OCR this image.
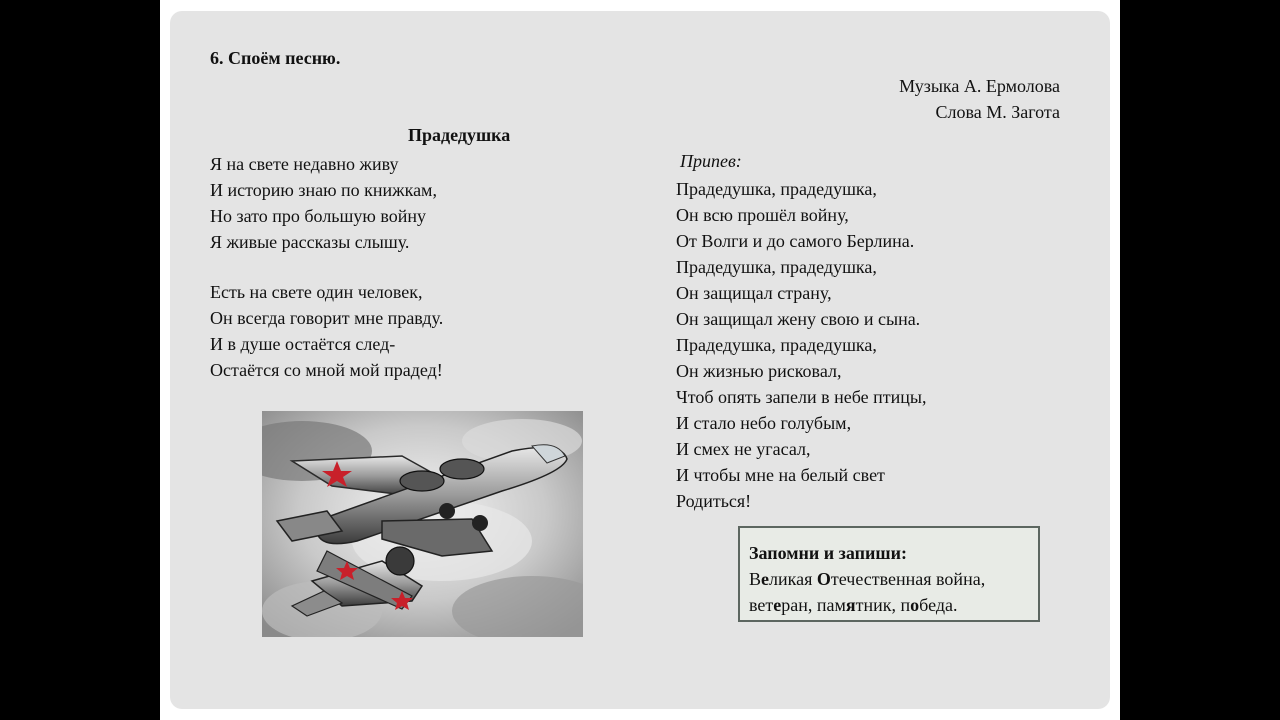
6. Споём песню.
Музыка А. Ермолова
Слова М. Загота
Прадедушка
Я на свете недавно живу
И историю знаю по книжкам,
Но зато про большую войну
Я живые рассказы слышу.
Есть на свете один человек,
Он всегда говорит мне правду.
И в душе остаётся след-
Остаётся со мной мой прадед!
Припев:
Прадедушка, прадедушка,
Он всю прошёл войну,
От Волги и до самого Берлина.
Прадедушка, прадедушка,
Он защищал страну,
Он защищал жену свою и сына.
Прадедушка, прадедушка,
Он жизнью рисковал,
Чтоб опять запели в небе птицы,
И стало небо голубым,
И смех не угасал,
И чтобы мне на белый свет
Родиться!
Запомни и запиши:
Великая Отечественная война,
ветеран, памятник, победа.
